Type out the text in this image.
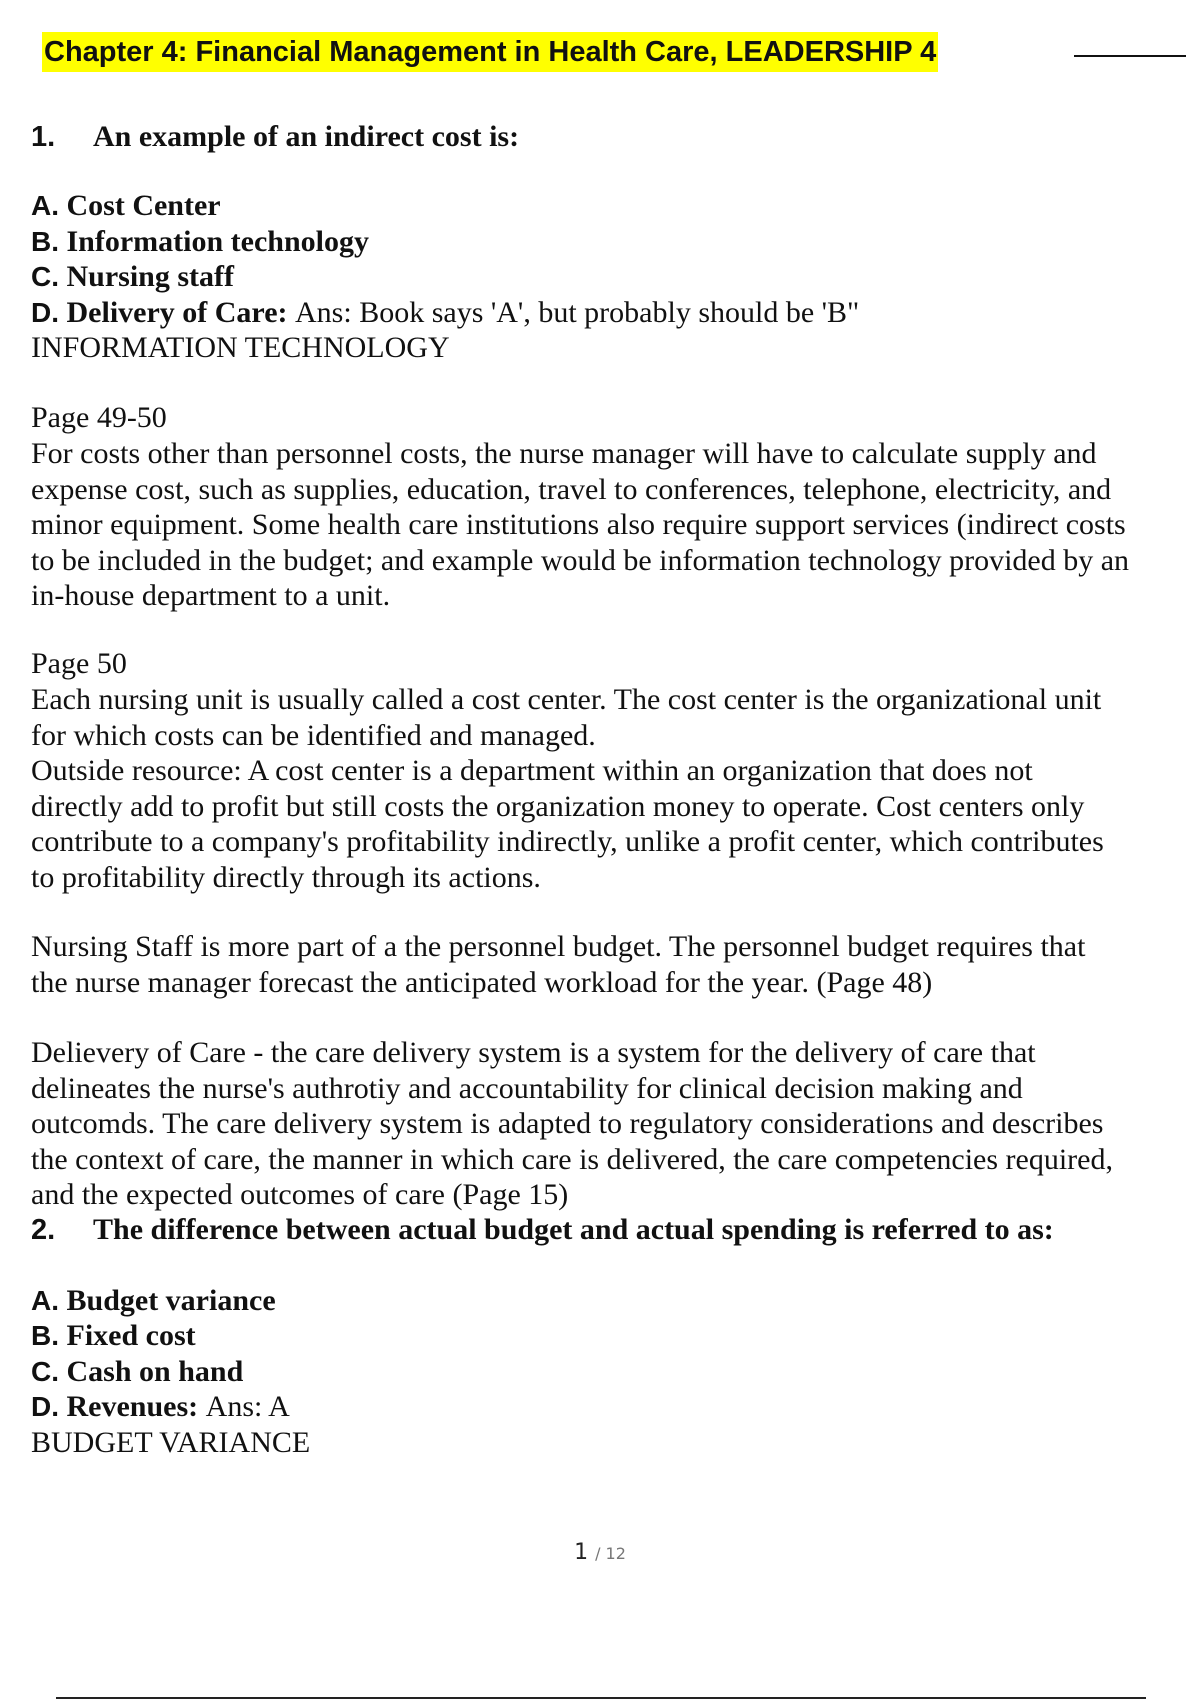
Chapter 4: Financial Management in Health Care, LEADERSHIP 4
1. An example of an indirect cost is:
A. Cost Center
B. Information technology
C. Nursing staff
D. Delivery of Care: Ans: Book says 'A', but probably should be 'B"
INFORMATION TECHNOLOGY
Page 49-50
For costs other than personnel costs, the nurse manager will have to calculate supply and
expense cost, such as supplies, education, travel to conferences, telephone, electricity, and
minor equipment. Some health care institutions also require support services (indirect costs
to be included in the budget; and example would be information technology provided by an
in-house department to a unit.
Page 50
Each nursing unit is usually called a cost center. The cost center is the organizational unit
for which costs can be identified and managed.
Outside resource: A cost center is a department within an organization that does not
directly add to profit but still costs the organization money to operate. Cost centers only
contribute to a company's profitability indirectly, unlike a profit center, which contributes
to profitability directly through its actions.
Nursing Staff is more part of a the personnel budget. The personnel budget requires that
the nurse manager forecast the anticipated workload for the year. (Page 48)
Delievery of Care - the care delivery system is a system for the delivery of care that
delineates the nurse's authrotiy and accountability for clinical decision making and
outcomds. The care delivery system is adapted to regulatory considerations and describes
the context of care, the manner in which care is delivered, the care competencies required,
and the expected outcomes of care (Page 15)
2. The difference between actual budget and actual spending is referred to as:
A. Budget variance
B. Fixed cost
C. Cash on hand
D. Revenues: Ans: A
BUDGET VARIANCE
1 / 12
